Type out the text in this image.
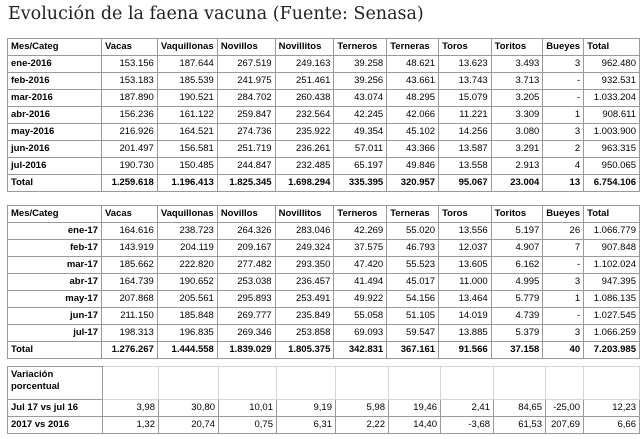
Evolución de la faena vacuna (Fuente: Senasa)
Mes/Categ	Vacas	Vaquillonas	Novillos	Novillitos	Terneros	Terneras	Toros	Toritos	Bueyes	Total
ene-2016	153.156	187.644	267.519	249.163	39.258	48.621	13.623	3.493	3	962.480
feb-2016	153.183	185.539	241.975	251.461	39.256	43.661	13.743	3.713	-	932.531
mar-2016	187.890	190.521	284.702	260.438	43.074	48.295	15.079	3.205	-	1.033.204
abr-2016	156.236	161.122	259.847	232.564	42.245	42.066	11.221	3.309	1	908.611
may-2016	216.926	164.521	274.736	235.922	49.354	45.102	14.256	3.080	3	1.003.900
jun-2016	201.497	156.581	251.719	236.261	57.011	43.366	13.587	3.291	2	963.315
jul-2016	190.730	150.485	244.847	232.485	65.197	49.846	13.558	2.913	4	950.065
Total	1.259.618	1.196.413	1.825.345	1.698.294	335.395	320.957	95.067	23.004	13	6.754.106
Mes/Categ	Vacas	Vaquillonas	Novillos	Novillitos	Terneros	Terneras	Toros	Toritos	Bueyes	Total
ene-17	164.616	238.723	264.326	283.046	42.269	55.020	13.556	5.197	26	1.066.779
feb-17	143.919	204.119	209.167	249.324	37.575	46.793	12.037	4.907	7	907.848
mar-17	185.662	222.820	277.482	293.350	47.420	55.523	13.605	6.162	-	1.102.024
abr-17	164.739	190.652	253.038	236.457	41.494	45.017	11.000	4.995	3	947.395
may-17	207.868	205.561	295.893	253.491	49.922	54.156	13.464	5.779	1	1.086.135
jun-17	211.150	185.848	269.777	235.849	55.058	51.105	14.019	4.739	-	1.027.545
jul-17	198.313	196.835	269.346	253.858	69.093	59.547	13.885	5.379	3	1.066.259
Total	1.276.267	1.444.558	1.839.029	1.805.375	342.831	367.161	91.566	37.158	40	7.203.985
Variación porcentual										
Jul 17 vs jul 16	3,98	30,80	10,01	9,19	5,98	19,46	2,41	84,65	-25,00	12,23
2017 vs 2016	1,32	20,74	0,75	6,31	2,22	14,40	-3,68	61,53	207,69	6,66
